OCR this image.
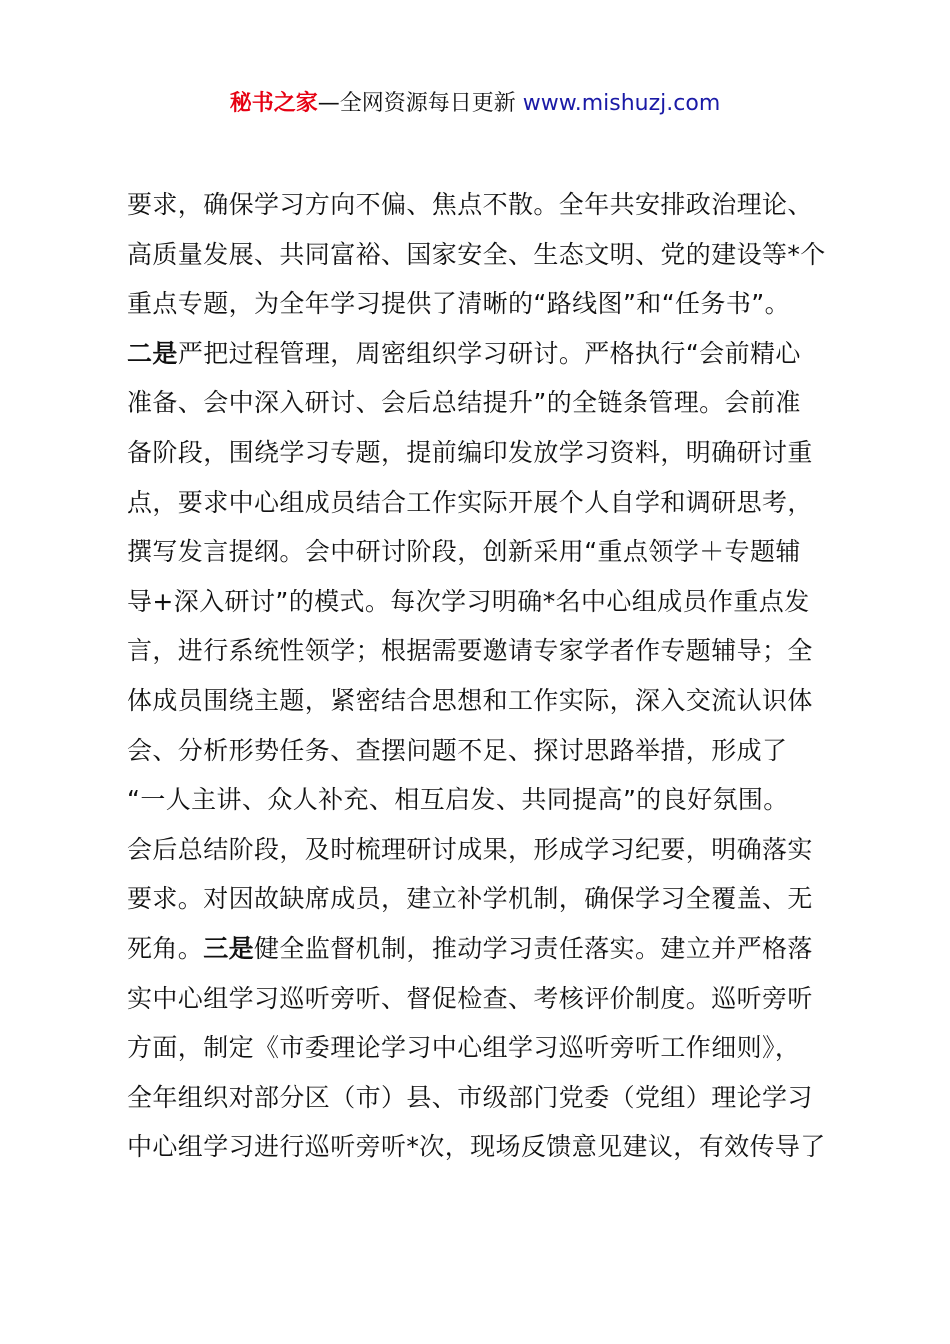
秘书之家—全网资源每日更新 www.mishuzj.com
要求，确保学习方向不偏、焦点不散。全年共安排政治理论、
高质量发展、共同富裕、国家安全、生态文明、党的建设等*个
重点专题，为全年学习提供了清晰的“路线图”和“任务书”。
二是严把过程管理，周密组织学习研讨。严格执行“会前精心
准备、会中深入研讨、会后总结提升”的全链条管理。会前准
备阶段，围绕学习专题，提前编印发放学习资料，明确研讨重
点，要求中心组成员结合工作实际开展个人自学和调研思考，
撰写发言提纲。会中研讨阶段，创新采用“重点领学＋专题辅
导+深入研讨”的模式。每次学习明确*名中心组成员作重点发
言，进行系统性领学；根据需要邀请专家学者作专题辅导；全
体成员围绕主题，紧密结合思想和工作实际，深入交流认识体
会、分析形势任务、查摆问题不足、探讨思路举措，形成了
“一人主讲、众人补充、相互启发、共同提高”的良好氛围。
会后总结阶段，及时梳理研讨成果，形成学习纪要，明确落实
要求。对因故缺席成员，建立补学机制，确保学习全覆盖、无
死角。三是健全监督机制，推动学习责任落实。建立并严格落
实中心组学习巡听旁听、督促检查、考核评价制度。巡听旁听
方面，制定《市委理论学习中心组学习巡听旁听工作细则》，
全年组织对部分区（市）县、市级部门党委（党组）理论学习
中心组学习进行巡听旁听*次，现场反馈意见建议，有效传导了
